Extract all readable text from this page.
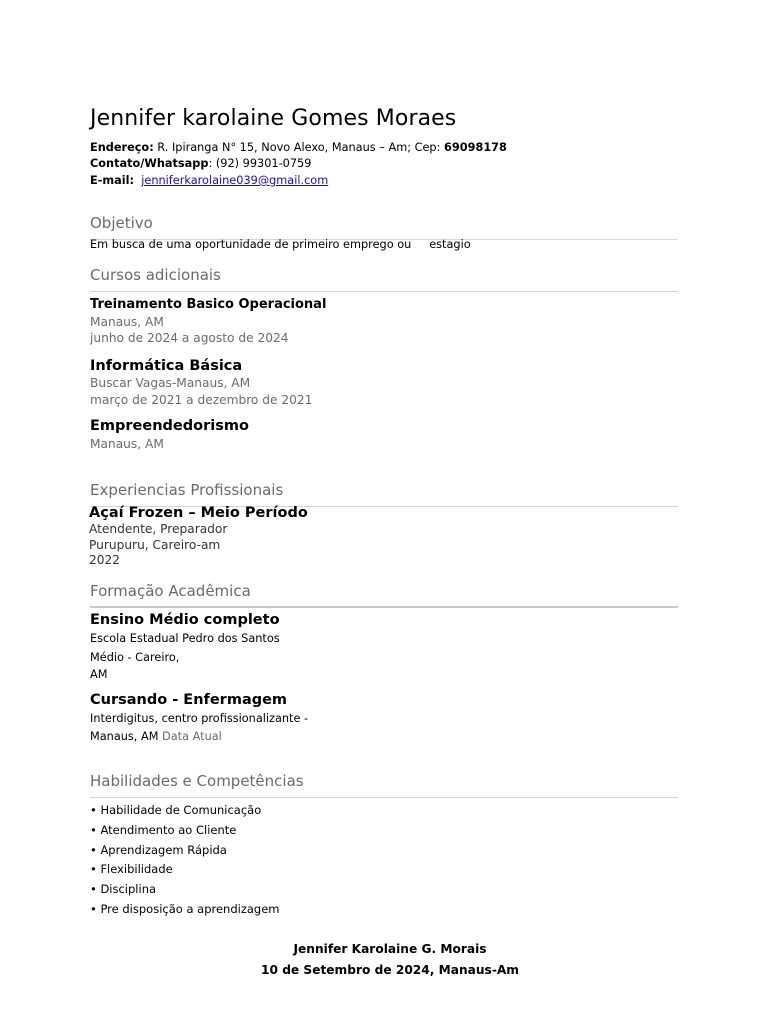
Jennifer karolaine Gomes Moraes
Endereço: R. Ipiranga N° 15, Novo Alexo, Manaus – Am; Cep: 69098178
Contato/Whatsapp: (92) 99301-0759
E-mail: jenniferkarolaine039@gmail.com
Objetivo
Em busca de uma oportunidade de primeiro emprego ou     estagio
Cursos adicionais
Treinamento Basico Operacional
Manaus, AM
junho de 2024 a agosto de 2024
Informática Básica
Buscar Vagas-Manaus, AM
março de 2021 a dezembro de 2021
Empreendedorismo
Manaus, AM
Experiencias Profissionais
Açaí Frozen – Meio Período
Atendente, Preparador
Purupuru, Careiro-am
2022
Formação Acadêmica
Ensino Médio completo
Escola Estadual Pedro dos Santos
Médio - Careiro,
AM
Cursando - Enfermagem
Interdigitus, centro profissionalizante -
Manaus, AM Data Atual
Habilidades e Competências
• Habilidade de Comunicação
• Atendimento ao Cliente
• Aprendizagem Rápida
• Flexibilidade
• Disciplina
• Pre disposição a aprendizagem
Jennifer Karolaine G. Morais
10 de Setembro de 2024, Manaus-Am
